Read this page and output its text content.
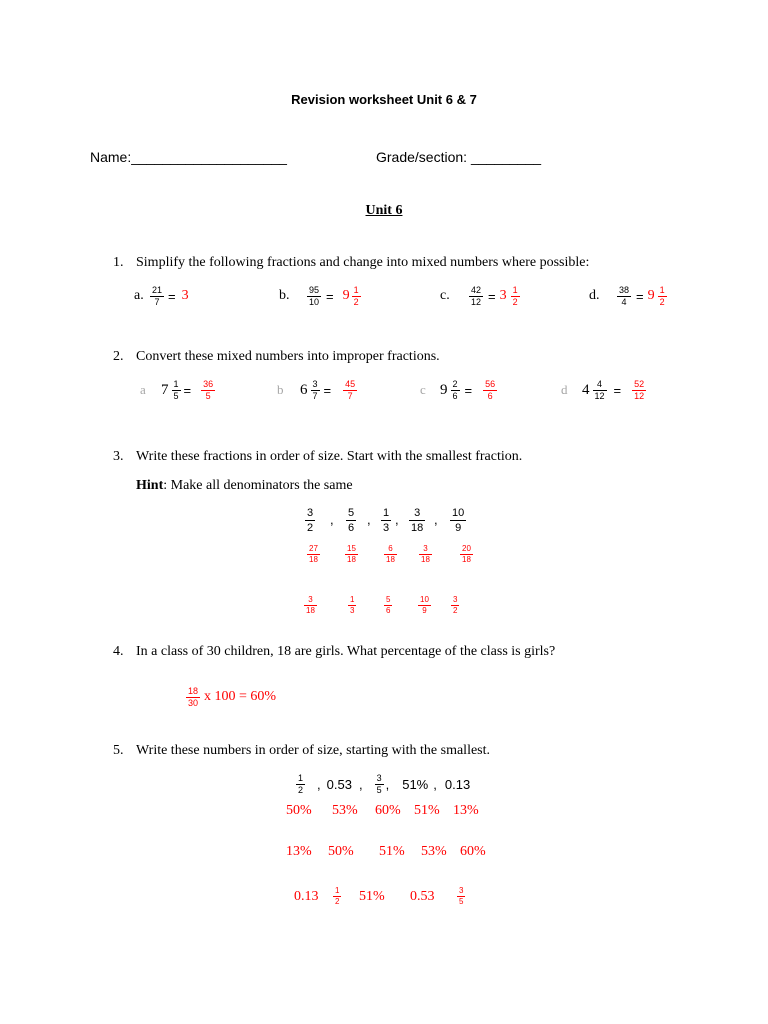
Revision worksheet Unit 6 & 7
Name:____________________	Grade/section: _________
Unit 6
1. Simplify the following fractions and change into mixed numbers where possible:
a. $\frac{21}{7} = 3$	b. $\frac{95}{10} = 9 \frac{1}{2}$	c. $\frac{42}{12} = 3 \frac{1}{2}$	d. $\frac{38}{4} = 9 \frac{1}{2}$
2. Convert these mixed numbers into improper fractions.
a $7 \frac{1}{5} = \frac{36}{5}$	b $6 \frac{3}{7} = \frac{45}{7}$	c $9 \frac{2}{6} = \frac{56}{6}$	d $4 \frac{4}{12} = \frac{52}{12}$
3. Write these fractions in order of size. Start with the smallest fraction.
Hint: Make all denominators the same
$\frac{3}{2}$ , $\frac{5}{6}$ , $\frac{1}{3}$ , $\frac{3}{18}$ , $\frac{10}{9}$
$\frac{27}{18}$	$\frac{15}{18}$	$\frac{6}{18}$	$\frac{3}{18}$	$\frac{20}{18}$
$\frac{3}{18}$	$\frac{1}{3}$	$\frac{5}{6}$	$\frac{10}{9}$	$\frac{3}{2}$
4. In a class of 30 children, 18 are girls. What percentage of the class is girls?
$\frac{18}{30}$ x 100 = 60%
5. Write these numbers in order of size, starting with the smallest.
$\frac{1}{2}$ , 0.53 , $\frac{3}{5}$ , 51% , 0.13
50% 53% 60% 51% 13%
13% 50% 51% 53% 60%
$0.13 \frac{1}{2} 51\%$ 0.53	$\frac{3}{5}$
